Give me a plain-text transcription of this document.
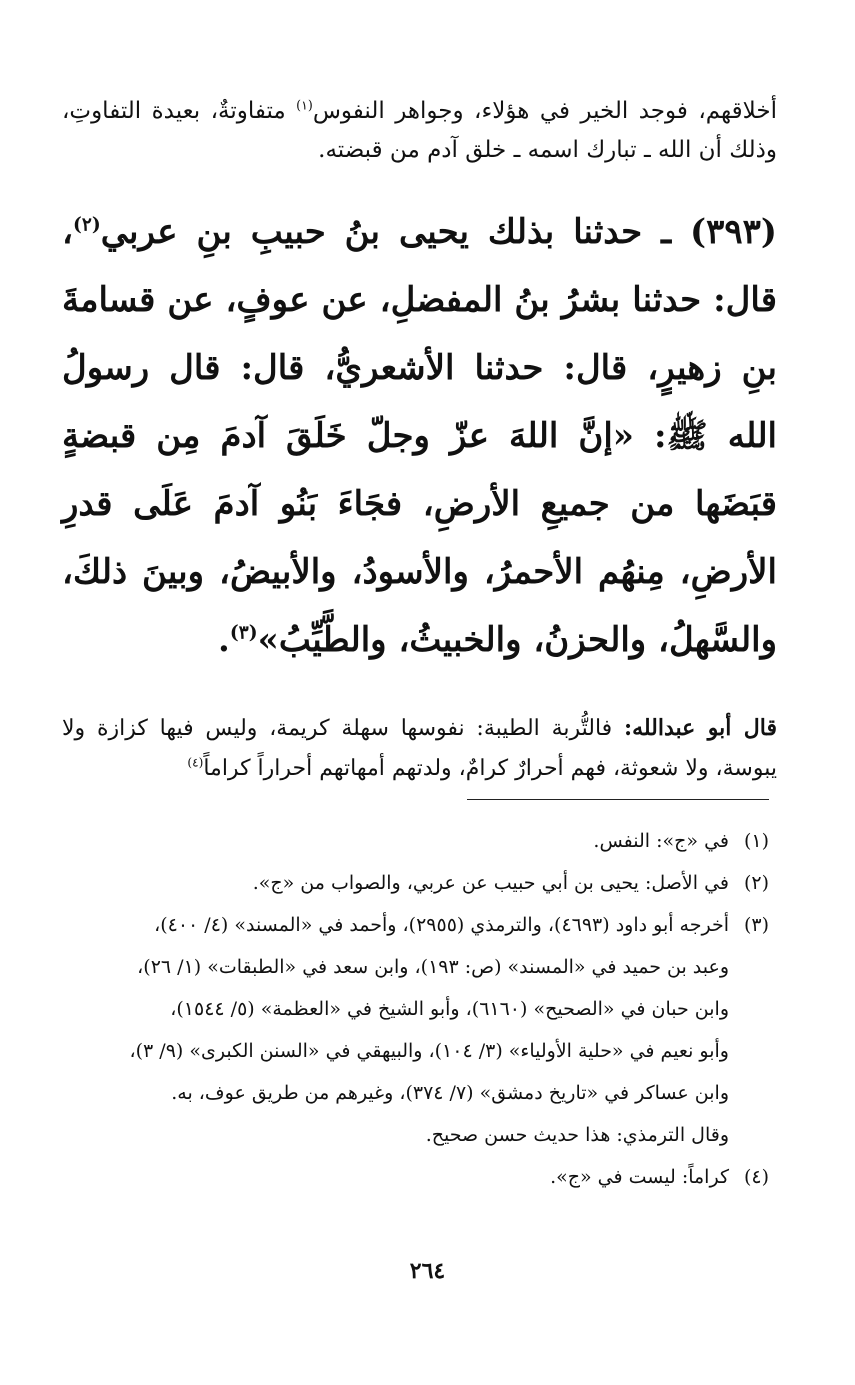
أخلاقهم، فوجد الخير في هؤلاء، وجواهر النفوس$^{(١)}$ متفاوتةٌ، بعيدة التفاوتِ، وذلك أن الله ـ تبارك اسمه ـ خلق آدم من قبضته.

(٣٩٣) ـ حدثنا بذلك يحيى بنُ حبيبِ بنِ عربي$^{(٢)}$، قال: حدثنا بشرُ بنُ المفضلِ، عن عوفٍ، عن قسامةَ بنِ زهيرٍ، قال: حدثنا الأشعريُّ، قال: قال رسولُ الله ﷺ: «إنَّ اللهَ عزّ وجلّ خَلَقَ آدمَ مِن قبضةٍ قبَضَها من جميعِ الأرضِ، فجَاءَ بَنُو آدمَ عَلَى قدرِ الأرضِ، مِنهُم الأحمرُ، والأسودُ، والأبيضُ، وبينَ ذلكَ، والسَّهلُ، والحزنُ، والخبيثُ، والطَّيِّبُ»$^{(٣)}$.

قال أبو عبدالله: فالتُّربة الطيبة: نفوسها سهلة كريمة، وليس فيها كزازة ولا يبوسة، ولا شعوثة، فهم أحرارٌ كرامٌ، ولدتهم أمهاتهم أحراراً كراماً$^{(٤)}$

(١)
في «ج»: النفس.
(٢)
في الأصل: يحيى بن أبي حبيب عن عربي، والصواب من «ج».
(٣)
أخرجه أبو داود (٤٦٩٣)، والترمذي (٢٩٥٥)، وأحمد في «المسند» (٤/ ٤٠٠)،
وعبد بن حميد في «المسند» (ص: ١٩٣)، وابن سعد في «الطبقات» (١/ ٢٦)،
وابن حبان في «الصحيح» (٦١٦٠)، وأبو الشيخ في «العظمة» (٥/ ١٥٤٤)،
وأبو نعيم في «حلية الأولياء» (٣/ ١٠٤)، والبيهقي في «السنن الكبرى» (٩/ ٣)،
وابن عساكر في «تاريخ دمشق» (٧/ ٣٧٤)، وغيرهم من طريق عوف، به.
وقال الترمذي: هذا حديث حسن صحيح.
(٤)
كراماً: ليست في «ج».
٢٦٤
